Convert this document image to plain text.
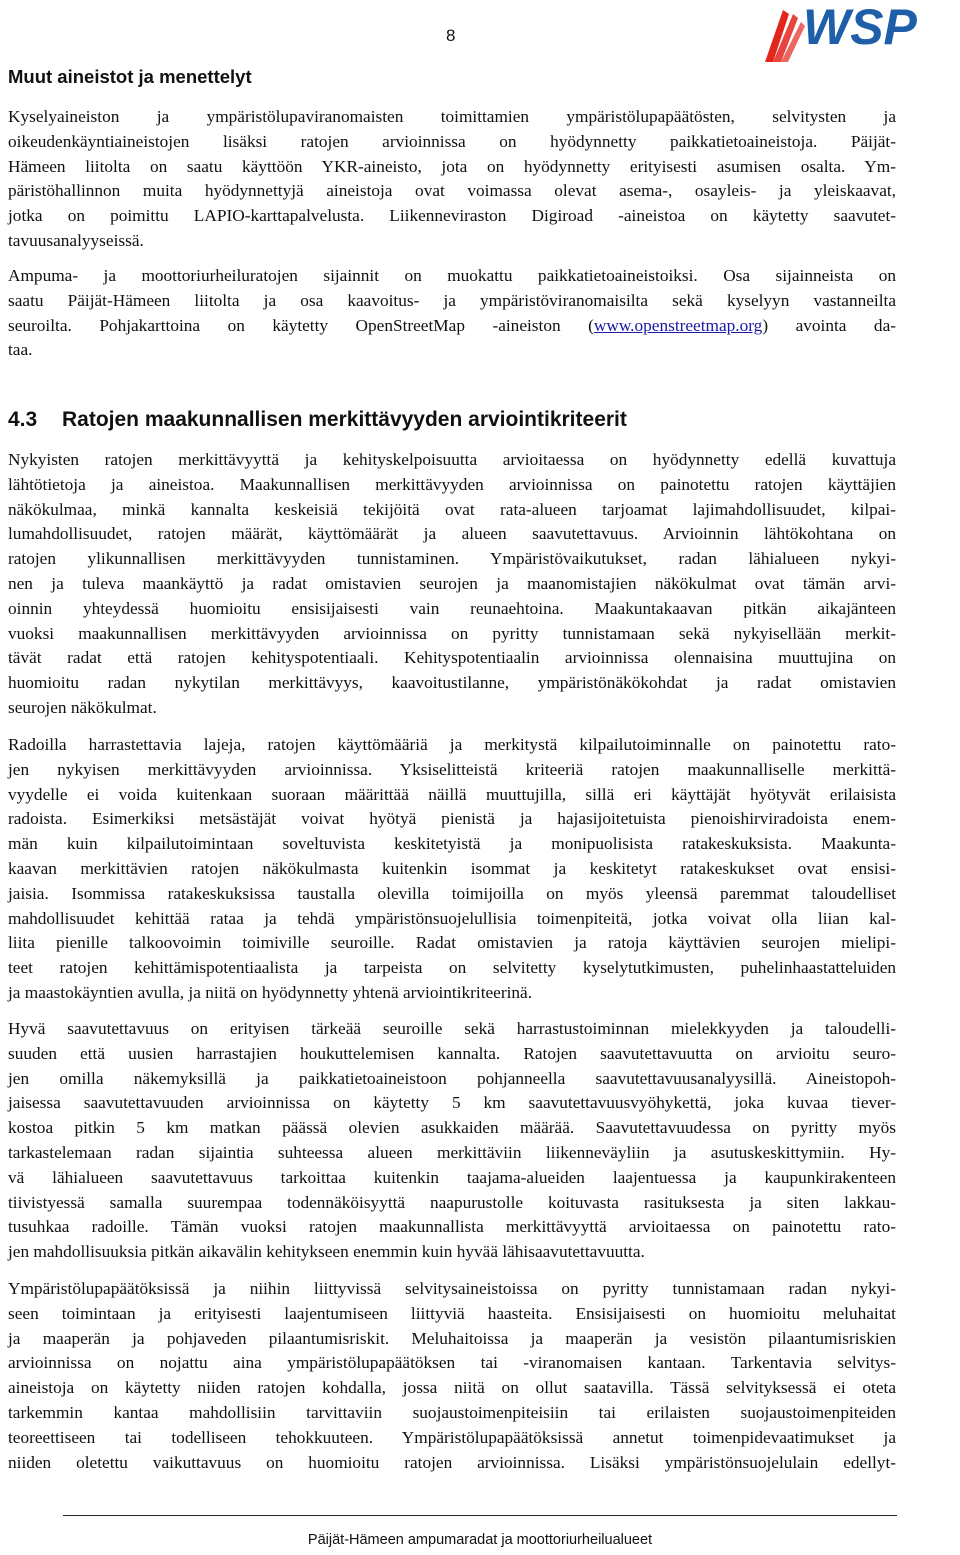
8	WSP
Muut aineistot ja menettelyt
Kyselyaineiston ja ympäristölupaviranomaisten toimittamien ympäristölupapäätösten, selvitysten ja
oikeudenkäyntiaineistojen lisäksi ratojen arvioinnissa on hyödynnetty paikkatietoaineistoja. Päijät-
Hämeen liitolta on saatu käyttöön YKR-aineisto, jota on hyödynnetty erityisesti asumisen osalta. Ym-
päristöhallinnon muita hyödynnettyjä aineistoja ovat voimassa olevat asema-, osayleis- ja yleiskaavat,
jotka on poimittu LAPIO-karttapalvelusta. Liikenneviraston Digiroad -aineistoa on käytetty saavutet-
tavuusanalyyseissä.
Ampuma- ja moottoriurheiluratojen sijainnit on muokattu paikkatietoaineistoiksi. Osa sijainneista on
saatu Päijät-Hämeen liitolta ja osa kaavoitus- ja ympäristöviranomaisilta sekä kyselyyn vastanneilta
seuroilta. Pohjakarttoina on käytetty OpenStreetMap -aineiston (www.openstreetmap.org) avointa da-
taa.
4.3 Ratojen maakunnallisen merkittävyyden arviointikriteerit
Nykyisten ratojen merkittävyyttä ja kehityskelpoisuutta arvioitaessa on hyödynnetty edellä kuvattuja
lähtötietoja ja aineistoa. Maakunnallisen merkittävyyden arvioinnissa on painotettu ratojen käyttäjien
näkökulmaa, minkä kannalta keskeisiä tekijöitä ovat rata-alueen tarjoamat lajimahdollisuudet, kilpai-
lumahdollisuudet, ratojen määrät, käyttömäärät ja alueen saavutettavuus. Arvioinnin lähtökohtana on
ratojen ylikunnallisen merkittävyyden tunnistaminen. Ympäristövaikutukset, radan lähialueen nykyi-
nen ja tuleva maankäyttö ja radat omistavien seurojen ja maanomistajien näkökulmat ovat tämän arvi-
oinnin yhteydessä huomioitu ensisijaisesti vain reunaehtoina. Maakuntakaavan pitkän aikajänteen
vuoksi maakunnallisen merkittävyyden arvioinnissa on pyritty tunnistamaan sekä nykyisellään merkit-
tävät radat että ratojen kehityspotentiaali. Kehityspotentiaalin arvioinnissa olennaisina muuttujina on
huomioitu radan nykytilan merkittävyys, kaavoitustilanne, ympäristönäkökohdat ja radat omistavien
seurojen näkökulmat.
Radoilla harrastettavia lajeja, ratojen käyttömääriä ja merkitystä kilpailutoiminnalle on painotettu rato-
jen nykyisen merkittävyyden arvioinnissa. Yksiselitteistä kriteeriä ratojen maakunnalliselle merkittä-
vyydelle ei voida kuitenkaan suoraan määrittää näillä muuttujilla, sillä eri käyttäjät hyötyvät erilaisista
radoista. Esimerkiksi metsästäjät voivat hyötyä pienistä ja hajasijoitetuista pienoishirviradoista enem-
män kuin kilpailutoimintaan soveltuvista keskitetyistä ja monipuolisista ratakeskuksista. Maakunta-
kaavan merkittävien ratojen näkökulmasta kuitenkin isommat ja keskitetyt ratakeskukset ovat ensisi-
jaisia. Isommissa ratakeskuksissa taustalla olevilla toimijoilla on myös yleensä paremmat taloudelliset
mahdollisuudet kehittää rataa ja tehdä ympäristönsuojelullisia toimenpiteitä, jotka voivat olla liian kal-
liita pienille talkoovoimin toimiville seuroille. Radat omistavien ja ratoja käyttävien seurojen mielipi-
teet ratojen kehittämispotentiaalista ja tarpeista on selvitetty kyselytutkimusten, puhelinhaastatteluiden
ja maastokäyntien avulla, ja niitä on hyödynnetty yhtenä arviointikriteerinä.
Hyvä saavutettavuus on erityisen tärkeää seuroille sekä harrastustoiminnan mielekkyyden ja taloudelli-
suuden että uusien harrastajien houkuttelemisen kannalta. Ratojen saavutettavuutta on arvioitu seuro-
jen omilla näkemyksillä ja paikkatietoaineistoon pohjanneella saavutettavuusanalyysillä. Aineistopoh-
jaisessa saavutettavuuden arvioinnissa on käytetty 5 km saavutettavuusvyöhykettä, joka kuvaa tiever-
kostoa pitkin 5 km matkan päässä olevien asukkaiden määrää. Saavutettavuudessa on pyritty myös
tarkastelemaan radan sijaintia suhteessa alueen merkittäviin liikenneväyliin ja asutuskeskittymiin. Hy-
vä lähialueen saavutettavuus tarkoittaa kuitenkin taajama-alueiden laajentuessa ja kaupunkirakenteen
tiivistyessä samalla suurempaa todennäköisyyttä naapurustolle koituvasta rasituksesta ja siten lakkau-
tusuhkaa radoille. Tämän vuoksi ratojen maakunnallista merkittävyyttä arvioitaessa on painotettu rato-
jen mahdollisuuksia pitkän aikavälin kehitykseen enemmin kuin hyvää lähisaavutettavuutta.
Ympäristölupapäätöksissä ja niihin liittyvissä selvitysaineistoissa on pyritty tunnistamaan radan nykyi-
seen toimintaan ja erityisesti laajentumiseen liittyviä haasteita. Ensisijaisesti on huomioitu meluhaitat
ja maaperän ja pohjaveden pilaantumisriskit. Meluhaitoissa ja maaperän ja vesistön pilaantumisriskien
arvioinnissa on nojattu aina ympäristölupapäätöksen tai -viranomaisen kantaan. Tarkentavia selvitys-
aineistoja on käytetty niiden ratojen kohdalla, jossa niitä on ollut saatavilla. Tässä selvityksessä ei oteta
tarkemmin kantaa mahdollisiin tarvittaviin suojaustoimenpiteisiin tai erilaisten suojaustoimenpiteiden
teoreettiseen tai todelliseen tehokkuuteen. Ympäristölupapäätöksissä annetut toimenpidevaatimukset ja
niiden oletettu vaikuttavuus on huomioitu ratojen arvioinnissa. Lisäksi ympäristönsuojelulain edellyt-
Päijät-Hämeen ampumaradat ja moottoriurheilualueet
